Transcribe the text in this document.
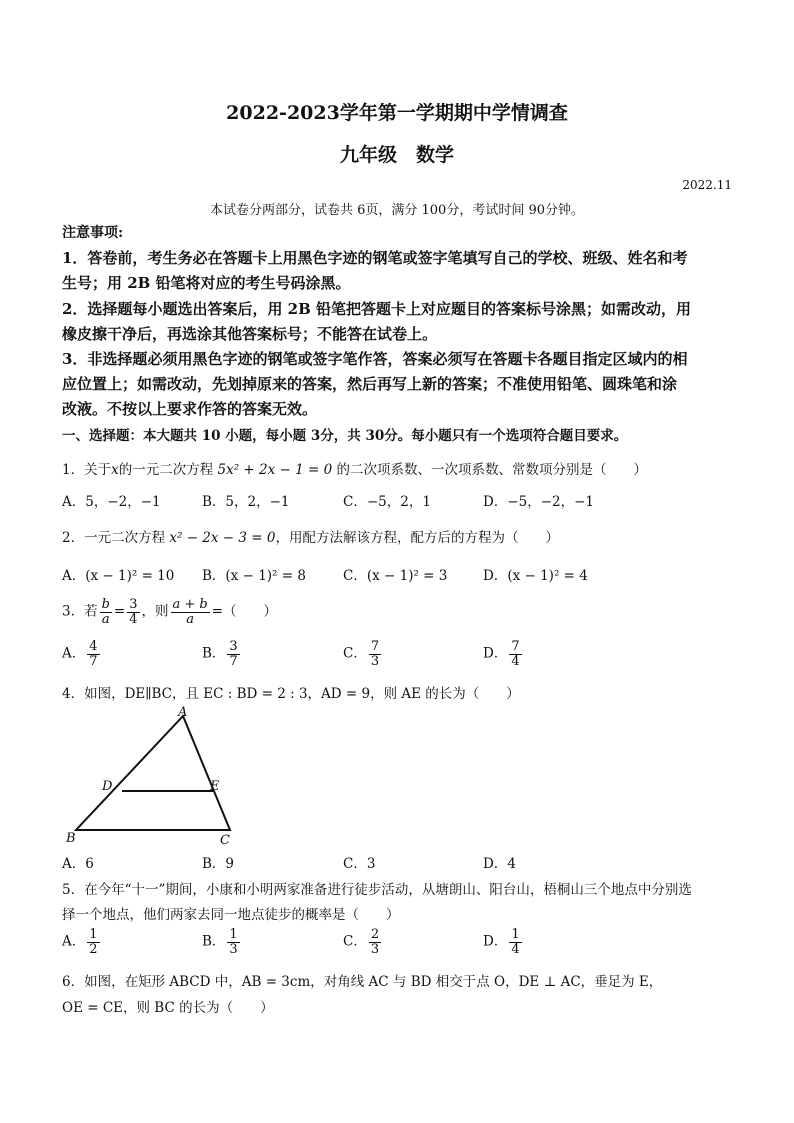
2022-2023学年第一学期期中学情调查
九年级　数学
2022.11
本试卷分两部分，试卷共 6页，满分 100分，考试时间 90分钟。
注意事项:
1．答卷前，考生务必在答题卡上用黑色字迹的钢笔或签字笔填写自己的学校、班级、姓名和考
生号；用 2B 铅笔将对应的考生号码涂黑。
2．选择题每小题选出答案后，用 2B 铅笔把答题卡上对应题目的答案标号涂黑；如需改动，用
橡皮擦干净后，再选涂其他答案标号；不能答在试卷上。
3．非选择题必须用黑色字迹的钢笔或签字笔作答，答案必须写在答题卡各题目指定区域内的相
应位置上；如需改动，先划掉原来的答案，然后再写上新的答案；不准使用铅笔、圆珠笔和涂
改液。不按以上要求作答的答案无效。
一、选择题：本大题共 10 小题，每小题 3分，共 30分。每小题只有一个选项符合题目要求。
1．关于x的一元二次方程 5x² + 2x − 1 = 0 的二次项系数、一次项系数、常数项分别是（　　）
A．5，−2，−1	B．5，2，−1	C．−5，2，1	D．−5，−2，−1
2．一元二次方程 x² − 2x − 3 = 0，用配方法解该方程，配方后的方程为（　　）
A．(x − 1)² = 10 B．(x − 1)² = 8	C．(x − 1)² = 3	D．(x − 1)² = 4
3．若 $\frac{b}{a} = \frac{3}{4}$ ，则 $\frac{a + b}{a}$ =（　　）
A． $\frac{4}{7}$	B． $\frac{3}{7}$	C． $\frac{7}{3}$	D． $\frac{7}{4}$
4．如图，DE∥BC，且 EC : BD = 2 : 3，AD = 9，则 AE 的长为（　　）
A
D	E
B	C
A．6	B．9	C．3	D．4
5．在今年“十一”期间，小康和小明两家准备进行徒步活动，从塘朗山、阳台山，梧桐山三个地点中分别选
择一个地点，他们两家去同一地点徒步的概率是（　　）
A． $\frac{1}{2}$	B． $\frac{1}{3}$	C． $\frac{2}{3}$	D． $\frac{1}{4}$
6．如图，在矩形 ABCD 中，AB = 3cm，对角线 AC 与 BD 相交于点 O，DE ⊥ AC，垂足为 E，
OE = CE，则 BC 的长为（　　）
